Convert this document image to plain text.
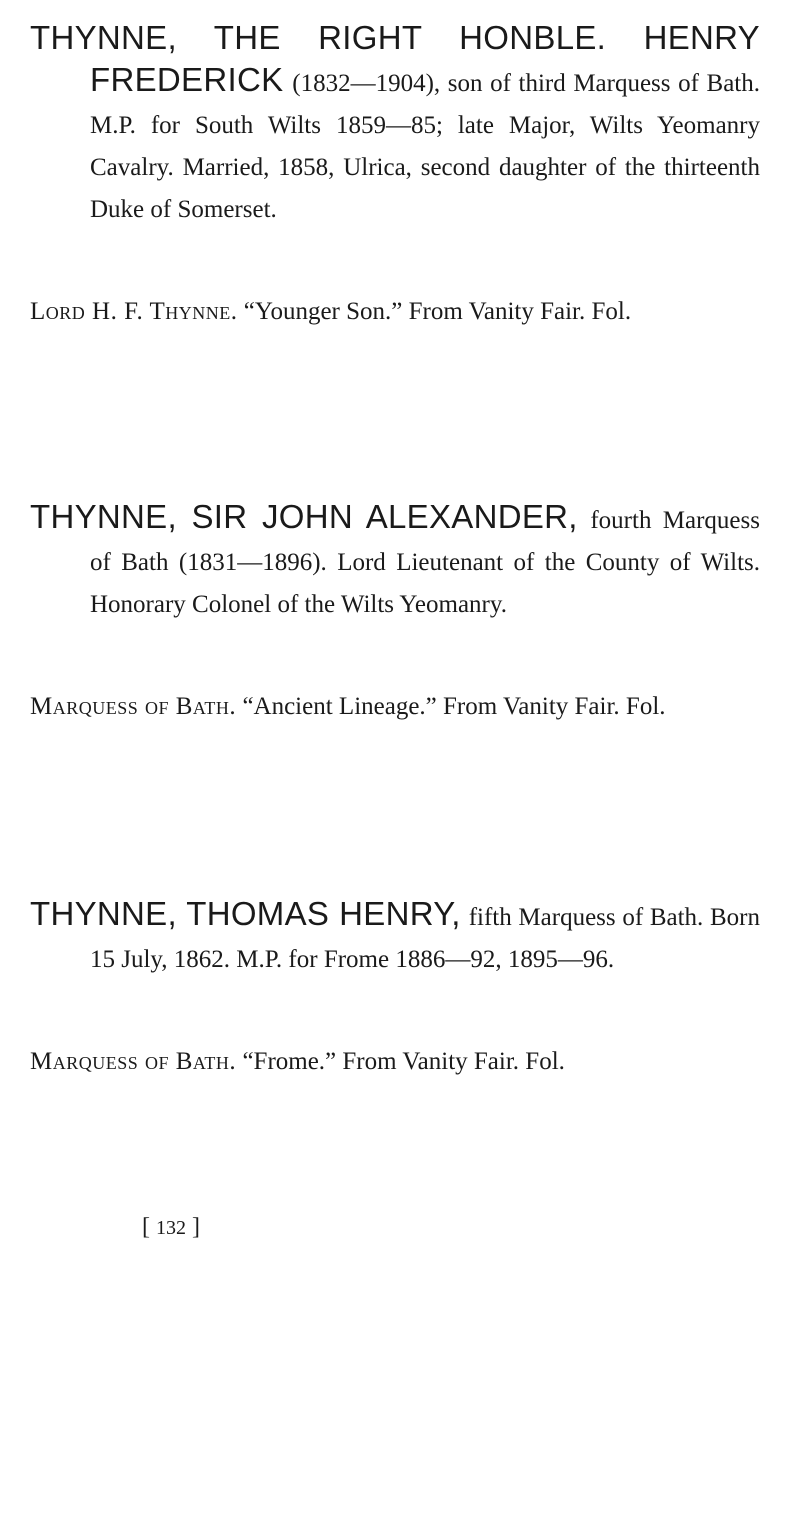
THYNNE, THE RIGHT HONBLE. HENRY FREDERICK (1832—1904), son of third Marquess of Bath. M.P. for South Wilts 1859—85; late Major, Wilts Yeomanry Cavalry. Married, 1858, Ulrica, second daughter of the thirteenth Duke of Somerset.

Lord H. F. Thynne. “Younger Son.” From Vanity Fair. Fol.

THYNNE, SIR JOHN ALEXANDER, fourth Marquess of Bath (1831—1896). Lord Lieutenant of the County of Wilts. Honorary Colonel of the Wilts Yeomanry.

Marquess of Bath. “Ancient Lineage.” From Vanity Fair. Fol.

THYNNE, THOMAS HENRY, fifth Marquess of Bath. Born 15 July, 1862. M.P. for Frome 1886—92, 1895—96.

Marquess of Bath. “Frome.” From Vanity Fair. Fol.

[ 132 ]
